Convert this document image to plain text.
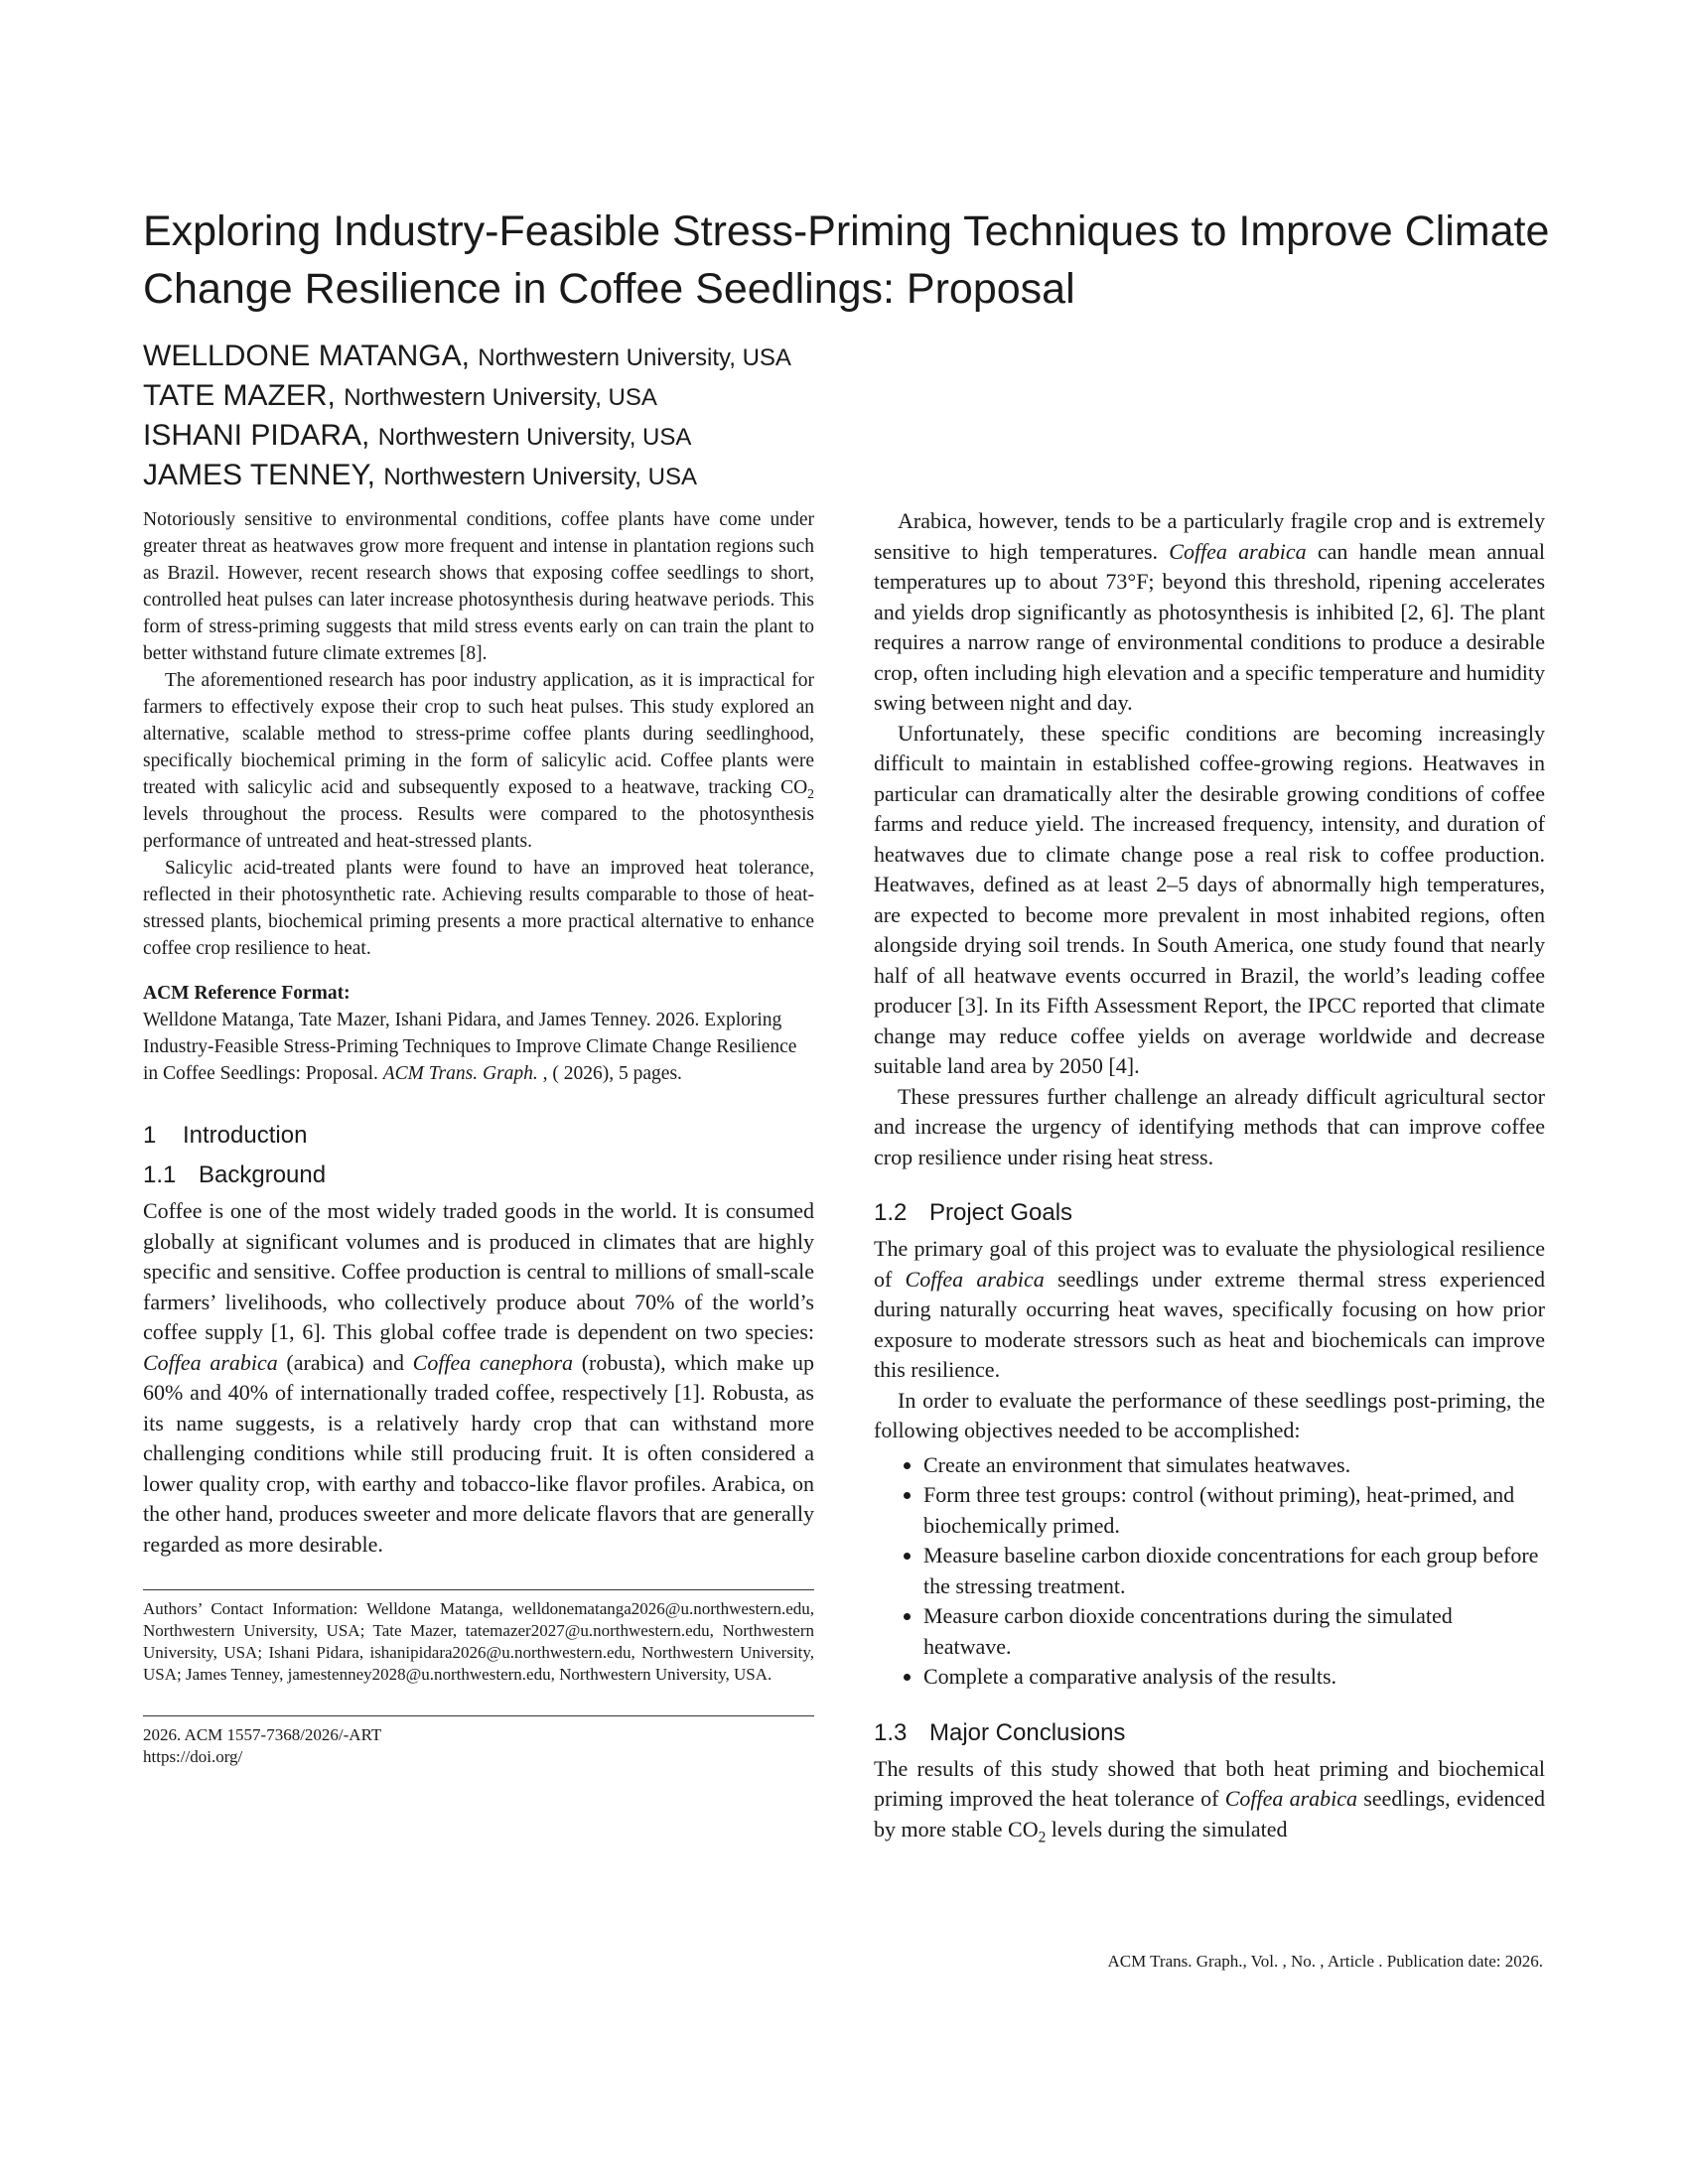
Exploring Industry-Feasible Stress-Priming Techniques to Improve Climate Change Resilience in Coffee Seedlings: Proposal
WELLDONE MATANGA, Northwestern University, USA
TATE MAZER, Northwestern University, USA
ISHANI PIDARA, Northwestern University, USA
JAMES TENNEY, Northwestern University, USA

Notoriously sensitive to environmental conditions, coffee plants have come under greater threat as heatwaves grow more frequent and intense in plantation regions such as Brazil. However, recent research shows that exposing coffee seedlings to short, controlled heat pulses can later increase photosynthesis during heatwave periods. This form of stress-priming suggests that mild stress events early on can train the plant to better withstand future climate extremes [8].

The aforementioned research has poor industry application, as it is impractical for farmers to effectively expose their crop to such heat pulses. This study explored an alternative, scalable method to stress-prime coffee plants during seedlinghood, specifically biochemical priming in the form of salicylic acid. Coffee plants were treated with salicylic acid and subsequently exposed to a heatwave, tracking $CO_2$ levels throughout the process. Results were compared to the photosynthesis performance of untreated and heat-stressed plants.

Salicylic acid-treated plants were found to have an improved heat tolerance, reflected in their photosynthetic rate. Achieving results comparable to those of heat-stressed plants, biochemical priming presents a more practical alternative to enhance coffee crop resilience to heat.

ACM Reference Format:
Welldone Matanga, Tate Mazer, Ishani Pidara, and James Tenney. 2026. Exploring Industry-Feasible Stress-Priming Techniques to Improve Climate Change Resilience in Coffee Seedlings: Proposal. ACM Trans. Graph. , ( 2026), 5 pages.
1 Introduction
1.1 Background

Coffee is one of the most widely traded goods in the world. It is consumed globally at significant volumes and is produced in climates that are highly specific and sensitive. Coffee production is central to millions of small-scale farmers’ livelihoods, who collectively produce about 70% of the world’s coffee supply [1, 6]. This global coffee trade is dependent on two species: Coffea arabica (arabica) and Coffea canephora (robusta), which make up 60% and 40% of internationally traded coffee, respectively [1]. Robusta, as its name suggests, is a relatively hardy crop that can withstand more challenging conditions while still producing fruit. It is often considered a lower quality crop, with earthy and tobacco-like flavor profiles. Arabica, on the other hand, produces sweeter and more delicate flavors that are generally regarded as more desirable.

Authors’ Contact Information: Welldone Matanga, welldonematanga2026@u.northwestern.edu, Northwestern University, USA; Tate Mazer, tatemazer2027@u.northwestern.edu, Northwestern University, USA; Ishani Pidara, ishanipidara2026@u.northwestern.edu, Northwestern University, USA; James Tenney, jamestenney2028@u.northwestern.edu, Northwestern University, USA.
2026. ACM 1557-7368/2026/-ART
https://doi.org/

Arabica, however, tends to be a particularly fragile crop and is extremely sensitive to high temperatures. Coffea arabica can handle mean annual temperatures up to about 73°F; beyond this threshold, ripening accelerates and yields drop significantly as photosynthesis is inhibited [2, 6]. The plant requires a narrow range of environmental conditions to produce a desirable crop, often including high elevation and a specific temperature and humidity swing between night and day.

Unfortunately, these specific conditions are becoming increasingly difficult to maintain in established coffee-growing regions. Heatwaves in particular can dramatically alter the desirable growing conditions of coffee farms and reduce yield. The increased frequency, intensity, and duration of heatwaves due to climate change pose a real risk to coffee production. Heatwaves, defined as at least 2–5 days of abnormally high temperatures, are expected to become more prevalent in most inhabited regions, often alongside drying soil trends. In South America, one study found that nearly half of all heatwave events occurred in Brazil, the world’s leading coffee producer [3]. In its Fifth Assessment Report, the IPCC reported that climate change may reduce coffee yields on average worldwide and decrease suitable land area by 2050 [4].

These pressures further challenge an already difficult agricultural sector and increase the urgency of identifying methods that can improve coffee crop resilience under rising heat stress.

1.2 Project Goals

The primary goal of this project was to evaluate the physiological resilience of Coffea arabica seedlings under extreme thermal stress experienced during naturally occurring heat waves, specifically focusing on how prior exposure to moderate stressors such as heat and biochemicals can improve this resilience.

In order to evaluate the performance of these seedlings post-priming, the following objectives needed to be accomplished:

• Create an environment that simulates heatwaves.
• Form three test groups: control (without priming), heat-primed, and biochemically primed.
• Measure baseline carbon dioxide concentrations for each group before the stressing treatment.
• Measure carbon dioxide concentrations during the simulated heatwave.
• Complete a comparative analysis of the results.
1.3 Major Conclusions

The results of this study showed that both heat priming and biochemical priming improved the heat tolerance of Coffea arabica seedlings, evidenced by more stable $CO_2$ levels during the simulated

ACM Trans. Graph., Vol. , No. , Article . Publication date: 2026.
